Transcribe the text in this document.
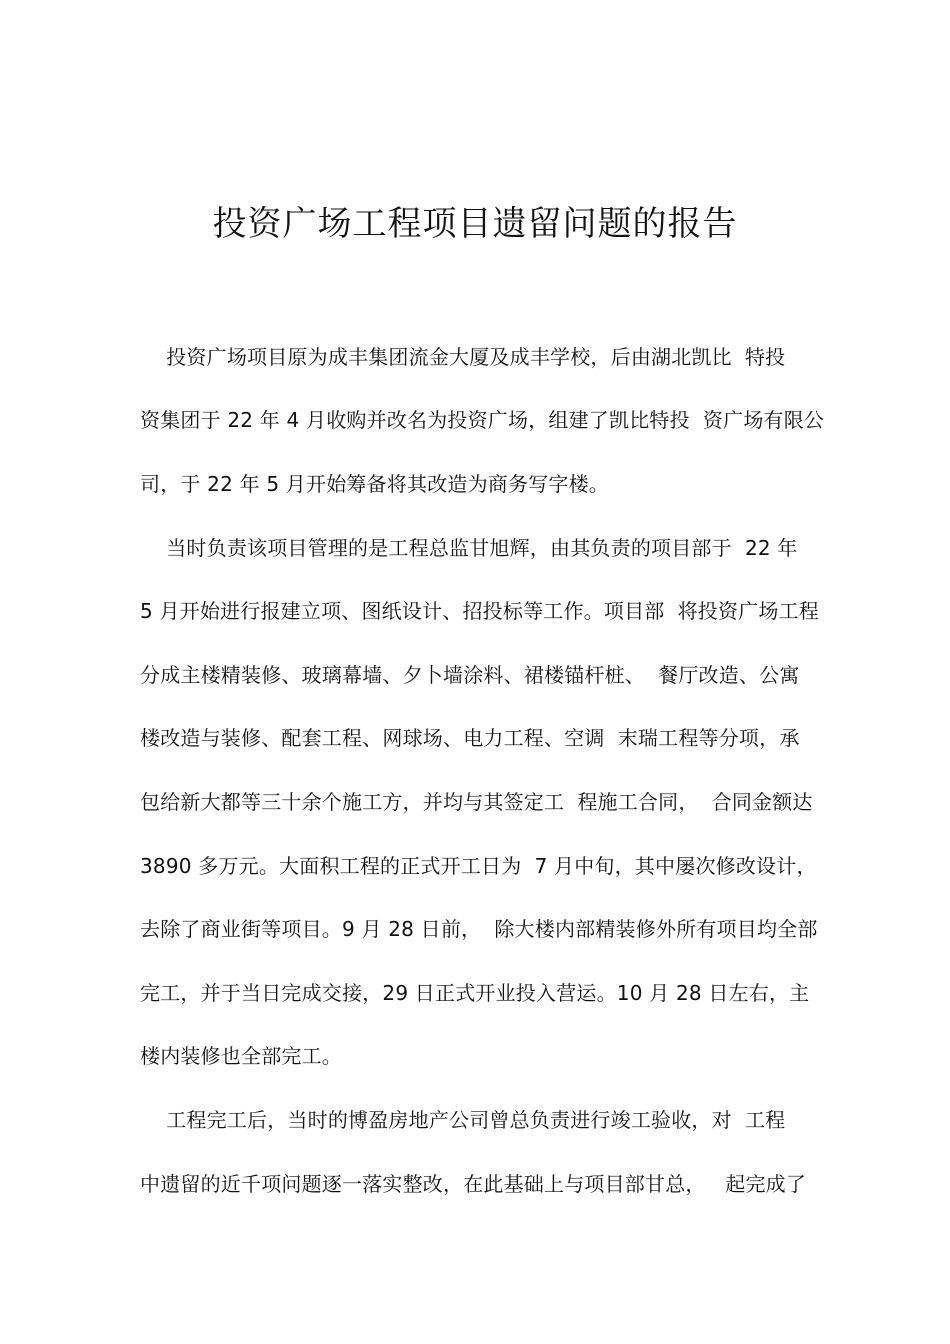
投资广场工程项目遗留问题的报告
投资广场项目原为成丰集团流金大厦及成丰学校，后由湖北凯比  特投
资集团于 22 年 4 月收购并改名为投资广场，组建了凯比特投  资广场有限公
司，于 22 年 5 月开始筹备将其改造为商务写字楼。
当时负责该项目管理的是工程总监甘旭辉，由其负责的项目部于  22 年
5 月开始进行报建立项、图纸设计、招投标等工作。项目部  将投资广场工程
分成主楼精装修、玻璃幕墙、夕卜墙涂料、裙楼锚杆桩、  餐厅改造、公寓
楼改造与装修、配套工程、网球场、电力工程、空调  末瑞工程等分项，承
包给新大都等三十余个施工方，并均与其签定工  程施工合同，  合同金额达
3890 多万元。大面积工程的正式开工日为  7 月中旬，其中屡次修改设计，
去除了商业街等项目。9 月 28 日前，  除大楼内部精装修外所有项目均全部
完工，并于当日完成交接，29 日正式开业投入营运。10 月 28 日左右，主
楼内装修也全部完工。
工程完工后，当时的博盈房地产公司曾总负责进行竣工验收，对  工程
中遗留的近千项问题逐一落实整改，在此基础上与项目部甘总，   起完成了
